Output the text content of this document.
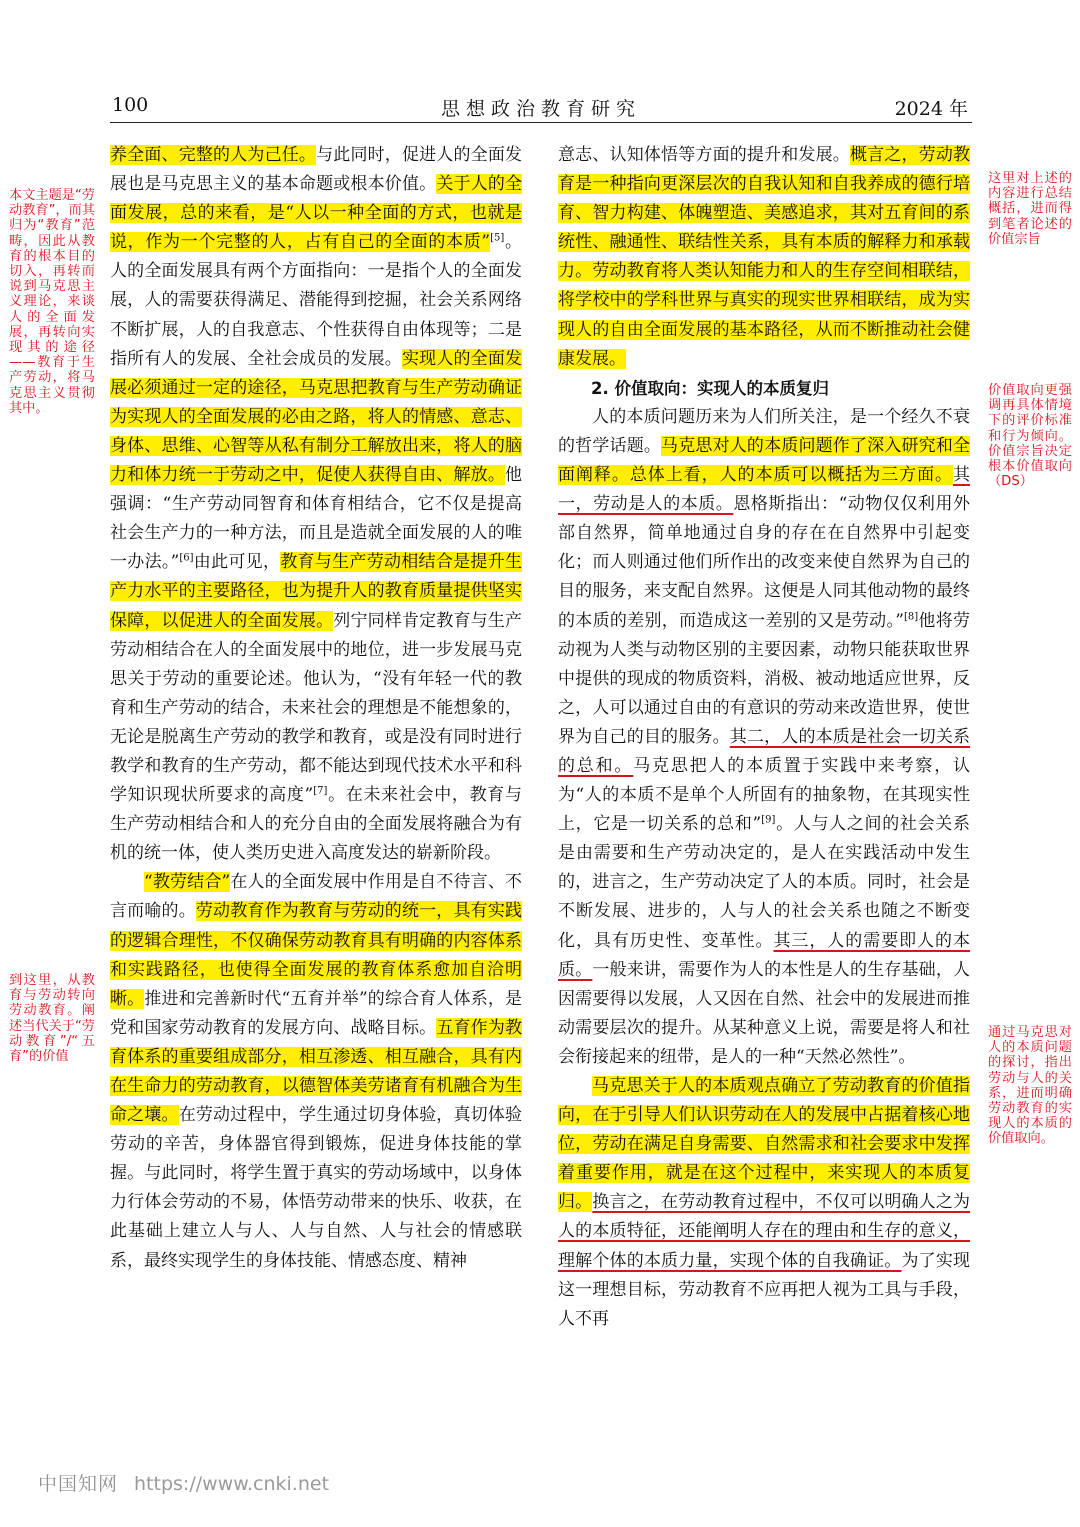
100	思想政治教育研究	2024 年

养全面、完整的人为己任。与此同时，促进人的全面发展也是马克思主义的基本命题或根本价值。关于人的全面发展，总的来看，是“人以一种全面的方式，也就是说，作为一个完整的人，占有自己的全面的本质”[5]。人的全面发展具有两个方面指向：一是指个人的全面发展，人的需要获得满足、潜能得到挖掘，社会关系网络不断扩展，人的自我意志、个性获得自由体现等；二是指所有人的发展、全社会成员的发展。实现人的全面发展必须通过一定的途径，马克思把教育与生产劳动确证为实现人的全面发展的必由之路，将人的情感、意志、身体、思维、心智等从私有制分工解放出来，将人的脑力和体力统一于劳动之中，促使人获得自由、解放。他强调：“生产劳动同智育和体育相结合，它不仅是提高社会生产力的一种方法，而且是造就全面发展的人的唯一办法。”[6]由此可见，教育与生产劳动相结合是提升生产力水平的主要路径，也为提升人的教育质量提供坚实保障，以促进人的全面发展。列宁同样肯定教育与生产劳动相结合在人的全面发展中的地位，进一步发展马克思关于劳动的重要论述。他认为，“没有年轻一代的教育和生产劳动的结合，未来社会的理想是不能想象的，无论是脱离生产劳动的教学和教育，或是没有同时进行教学和教育的生产劳动，都不能达到现代技术水平和科学知识现状所要求的高度”[7]。在未来社会中，教育与生产劳动相结合和人的充分自由的全面发展将融合为有机的统一体，使人类历史进入高度发达的崭新阶段。

“教劳结合”在人的全面发展中作用是自不待言、不言而喻的。劳动教育作为教育与劳动的统一，具有实践的逻辑合理性，不仅确保劳动教育具有明确的内容体系和实践路径，也使得全面发展的教育体系愈加自洽明晰。推进和完善新时代“五育并举”的综合育人体系，是党和国家劳动教育的发展方向、战略目标。五育作为教育体系的重要组成部分，相互渗透、相互融合，具有内在生命力的劳动教育，以德智体美劳诸育有机融合为生命之壤。在劳动过程中，学生通过切身体验，真切体验劳动的辛苦，身体器官得到锻炼，促进身体技能的掌握。与此同时，将学生置于真实的劳动场域中，以身体力行体会劳动的不易，体悟劳动带来的快乐、收获，在此基础上建立人与人、人与自然、人与社会的情感联系，最终实现学生的身体技能、情感态度、精神

意志、认知体悟等方面的提升和发展。概言之，劳动教育是一种指向更深层次的自我认知和自我养成的德行培育、智力构建、体魄塑造、美感追求，其对五育间的系统性、融通性、联结性关系，具有本质的解释力和承载力。劳动教育将人类认知能力和人的生存空间相联结，将学校中的学科世界与真实的现实世界相联结，成为实现人的自由全面发展的基本路径，从而不断推动社会健康发展。

2. 价值取向：实现人的本质复归

人的本质问题历来为人们所关注，是一个经久不衰的哲学话题。马克思对人的本质问题作了深入研究和全面阐释。总体上看，人的本质可以概括为三方面。其一，劳动是人的本质。恩格斯指出：“动物仅仅利用外部自然界，简单地通过自身的存在在自然界中引起变化；而人则通过他们所作出的改变来使自然界为自己的目的服务，来支配自然界。这便是人同其他动物的最终的本质的差别，而造成这一差别的又是劳动。”[8]他将劳动视为人类与动物区别的主要因素，动物只能获取世界中提供的现成的物质资料，消极、被动地适应世界，反之，人可以通过自由的有意识的劳动来改造世界，使世界为自己的目的服务。其二，人的本质是社会一切关系的总和。马克思把人的本质置于实践中来考察，认为“人的本质不是单个人所固有的抽象物，在其现实性上，它是一切关系的总和”[9]。人与人之间的社会关系是由需要和生产劳动决定的，是人在实践活动中发生的，进言之，生产劳动决定了人的本质。同时，社会是不断发展、进步的，人与人的社会关系也随之不断变化，具有历史性、变革性。其三，人的需要即人的本质。一般来讲，需要作为人的本性是人的生存基础，人因需要得以发展，人又因在自然、社会中的发展进而推动需要层次的提升。从某种意义上说，需要是将人和社会衔接起来的纽带，是人的一种“天然必然性”。

马克思关于人的本质观点确立了劳动教育的价值指向，在于引导人们认识劳动在人的发展中占据着核心地位，劳动在满足自身需要、自然需求和社会要求中发挥着重要作用，就是在这个过程中，来实现人的本质复归。换言之，在劳动教育过程中，不仅可以明确人之为人的本质特征，还能阐明人存在的理由和生存的意义，理解个体的本质力量，实现个体的自我确证。为了实现这一理想目标，劳动教育不应再把人视为工具与手段，人不再

本文主题是“劳动教育”，而其归为“教育”范畴，因此从教育的根本目的切入，再转而说到马克思主义理论，来谈人的全面发展，再转向实现其的途径——教育于生产劳动，将马克思主义贯彻其中。
到这里，从教育与劳动转向劳动教育。阐述当代关于“劳动教育”/“五育”的价值
这里对上述的内容进行总结概括，进而得到笔者论述的价值宗旨
价值取向更强调再具体情境下的评价标准和行为倾向。价值宗旨决定根本价值取向（DS）
通过马克思对人的本质问题的探讨，指出劳动与人的关系，进而明确劳动教育的实现人的本质的价值取向。
中国知网 https://www.cnki.net
